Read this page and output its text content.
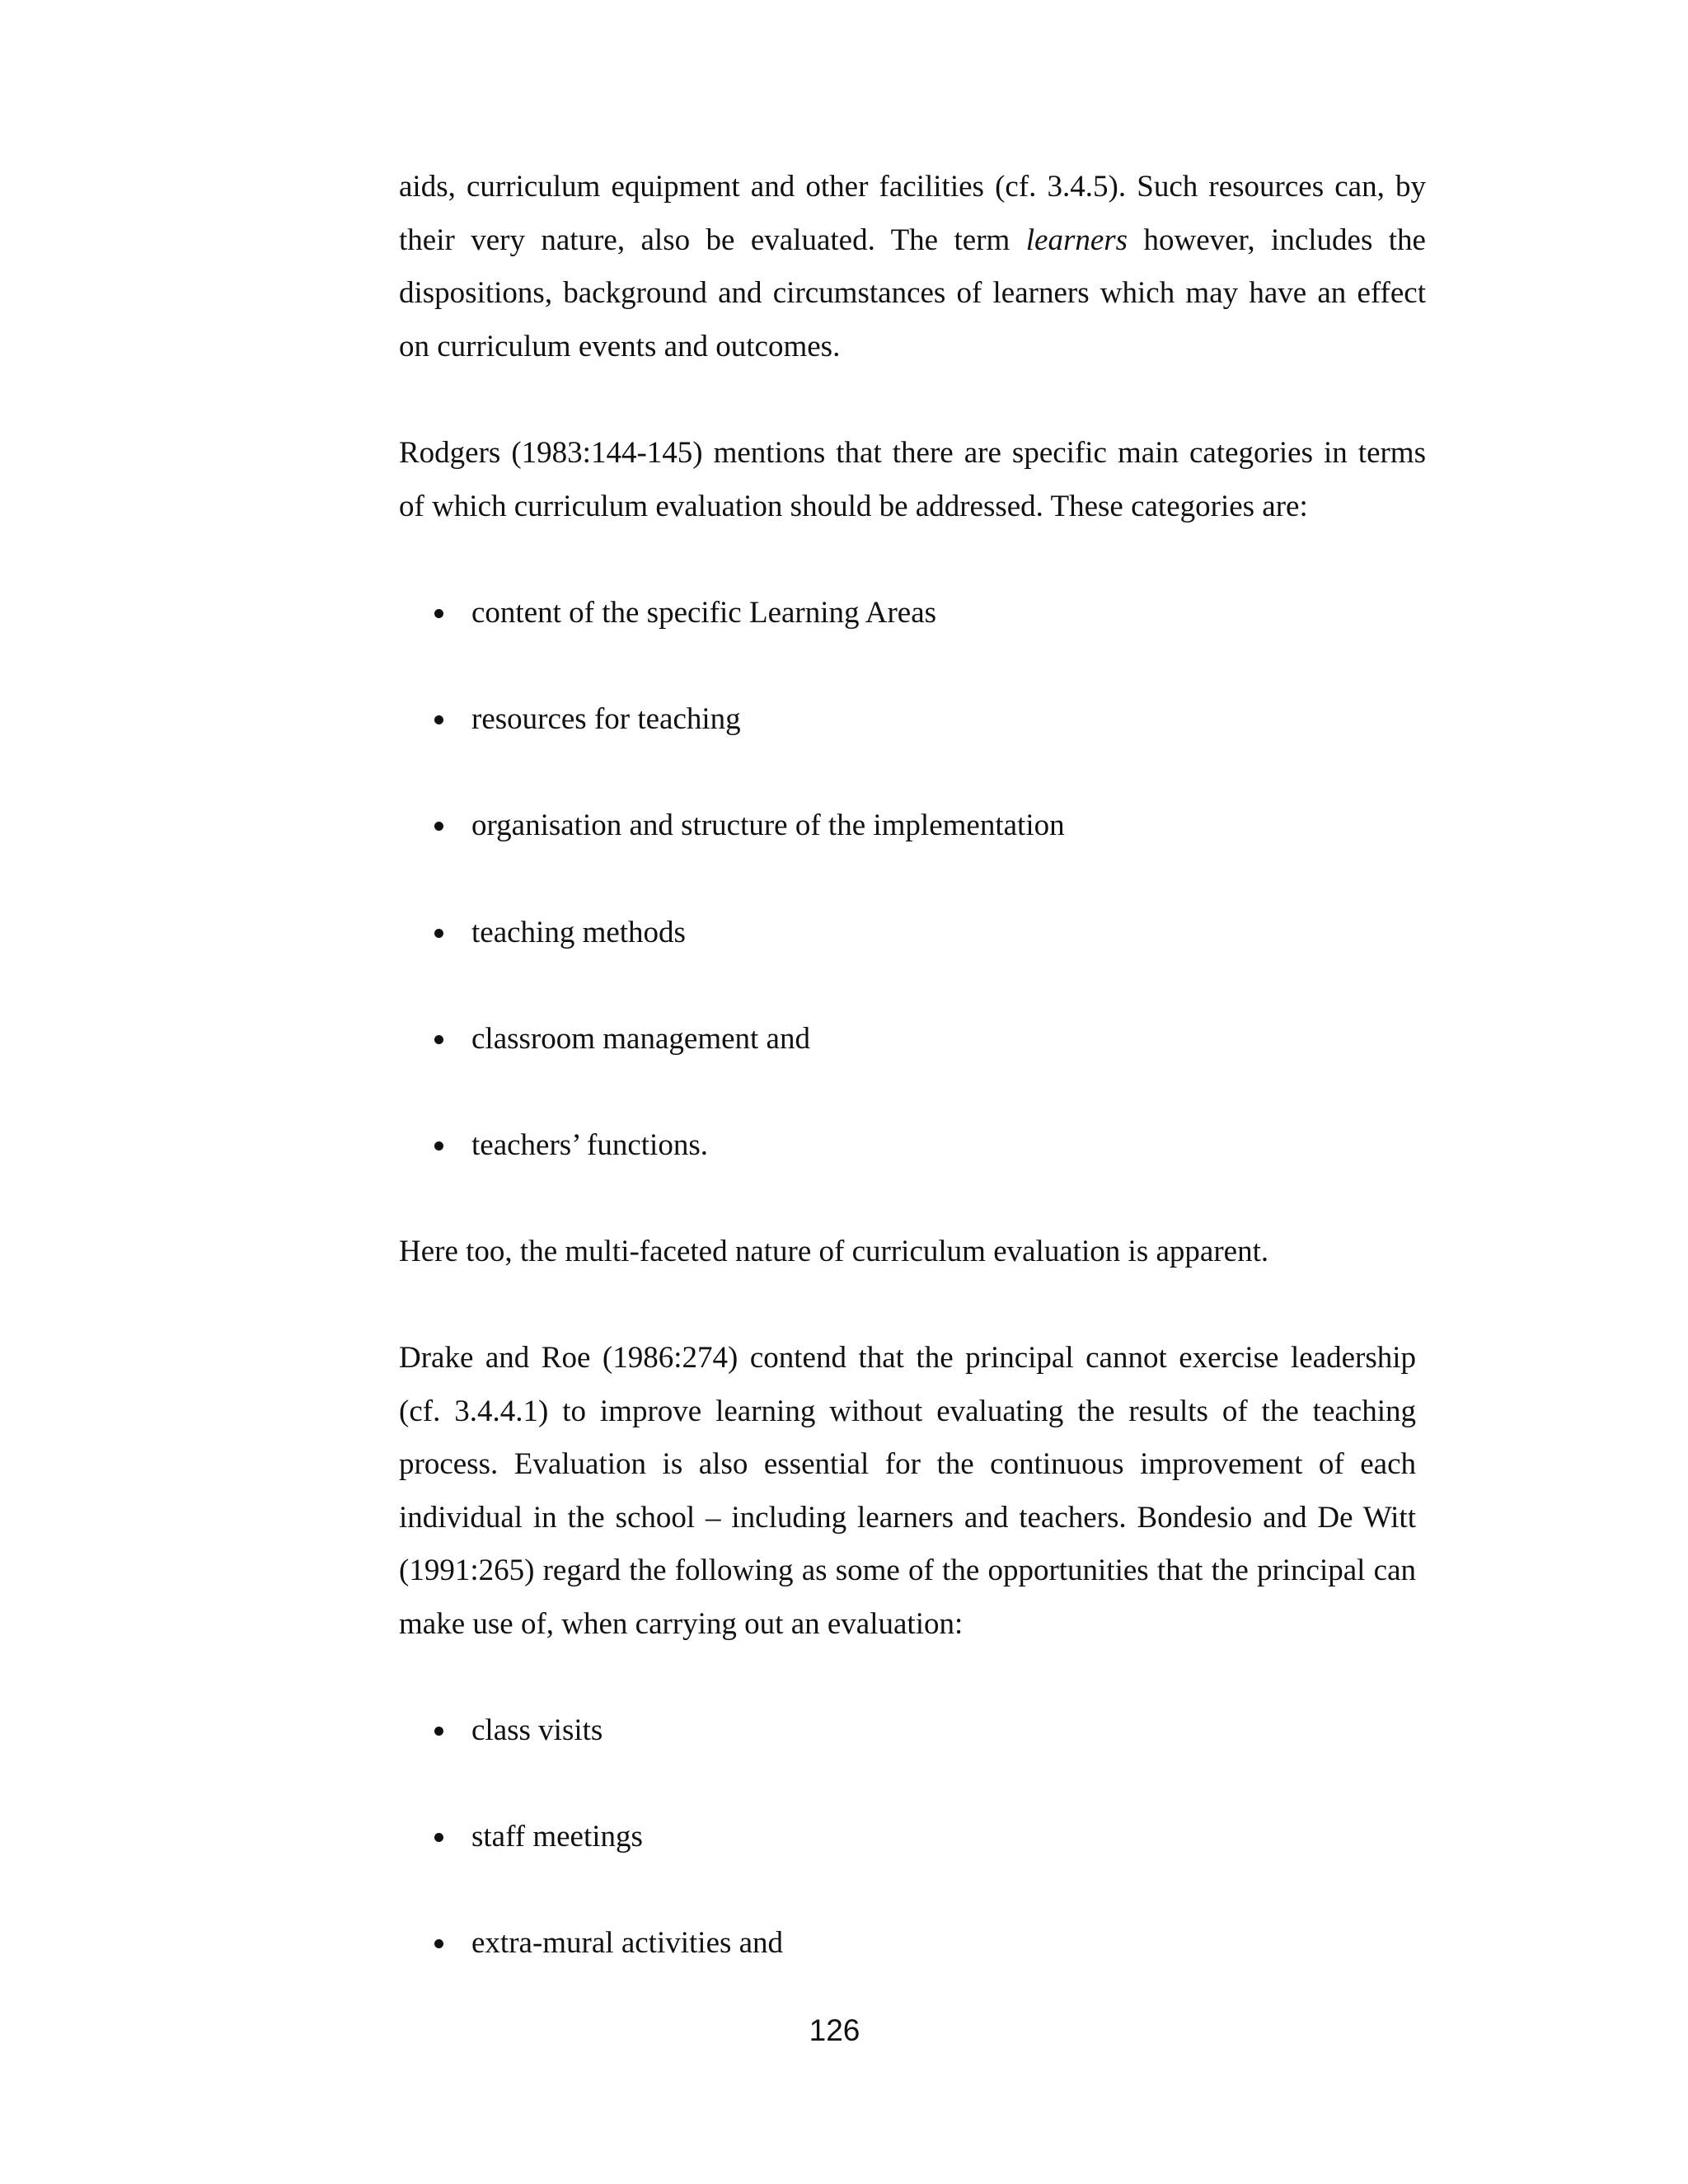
aids, curriculum equipment and other facilities (cf. 3.4.5). Such resources can, by their very nature, also be evaluated. The term learners however, includes the dispositions, background and circumstances of learners which may have an effect on curriculum events and outcomes.

Rodgers (1983:144-145) mentions that there are specific main categories in terms of which curriculum evaluation should be addressed. These categories are:

content of the specific Learning Areas
resources for teaching
organisation and structure of the implementation
teaching methods
classroom management and
teachers’ functions.

Here too, the multi-faceted nature of curriculum evaluation is apparent.

Drake and Roe (1986:274) contend that the principal cannot exercise leadership (cf. 3.4.4.1) to improve learning without evaluating the results of the teaching process. Evaluation is also essential for the continuous improvement of each individual in the school – including learners and teachers. Bondesio and De Witt (1991:265) regard the following as some of the opportunities that the principal can make use of, when carrying out an evaluation:

class visits
staff meetings
extra-mural activities and
126
